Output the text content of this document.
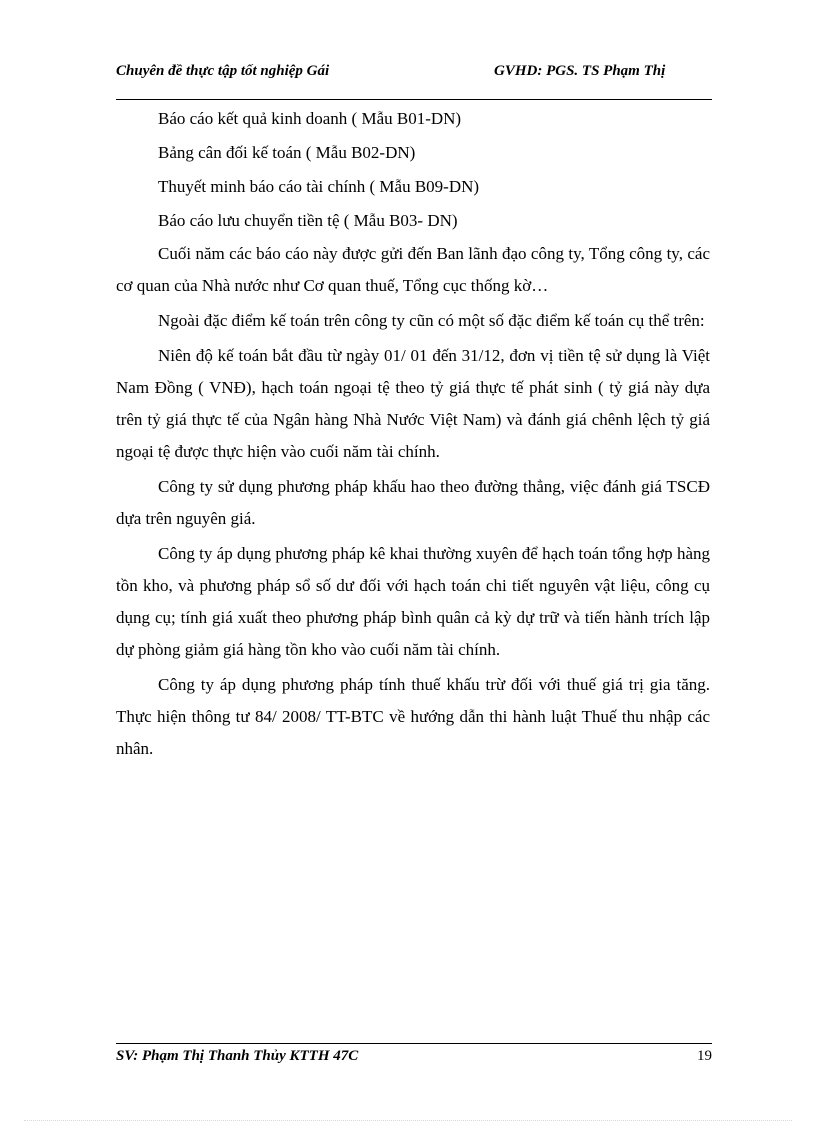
Chuyên đề thực tập tốt nghiệp Gái	GVHD: PGS. TS Phạm Thị

Báo cáo kết quả kinh doanh ( Mẫu B01-DN)

Bảng cân đối kế toán ( Mẫu B02-DN)

Thuyết minh báo cáo tài chính ( Mẫu B09-DN)

Báo cáo lưu chuyển tiền tệ ( Mẫu B03- DN)

Cuối năm các báo cáo này được gửi đến Ban lãnh đạo công ty, Tổng công ty, các cơ quan của Nhà nước như Cơ quan thuế, Tổng cục thống kờ…

Ngoài đặc điểm kế toán trên công ty cũn có một số đặc điểm kế toán cụ thể trên:

Niên độ kế toán bắt đầu từ ngày 01/ 01 đến 31/12, đơn vị tiền tệ sử dụng là Việt Nam Đồng ( VNĐ), hạch toán ngoại tệ theo tỷ giá thực tế phát sinh ( tỷ giá này dựa trên tỷ giá thực tế của Ngân hàng Nhà Nước Việt Nam) và đánh giá chênh lệch tỷ giá ngoại tệ được thực hiện vào cuối năm tài chính.

Công ty sử dụng phương pháp khấu hao theo đường thẳng, việc đánh giá TSCĐ dựa trên nguyên giá.

Công ty áp dụng phương pháp kê khai thường xuyên để hạch toán tổng hợp hàng tồn kho, và phương pháp sổ số dư đối với hạch toán chi tiết nguyên vật liệu, công cụ dụng cụ; tính giá xuất theo phương pháp bình quân cả kỳ dự trữ và tiến hành trích lập dự phòng giảm giá hàng tồn kho vào cuối năm tài chính.

Công ty áp dụng phương pháp tính thuế khấu trừ đối với thuế giá trị gia tăng. Thực hiện thông tư 84/ 2008/ TT-BTC về hướng dẫn thi hành luật Thuế thu nhập các nhân.

SV: Phạm Thị Thanh Thủy KTTH 47C	19
